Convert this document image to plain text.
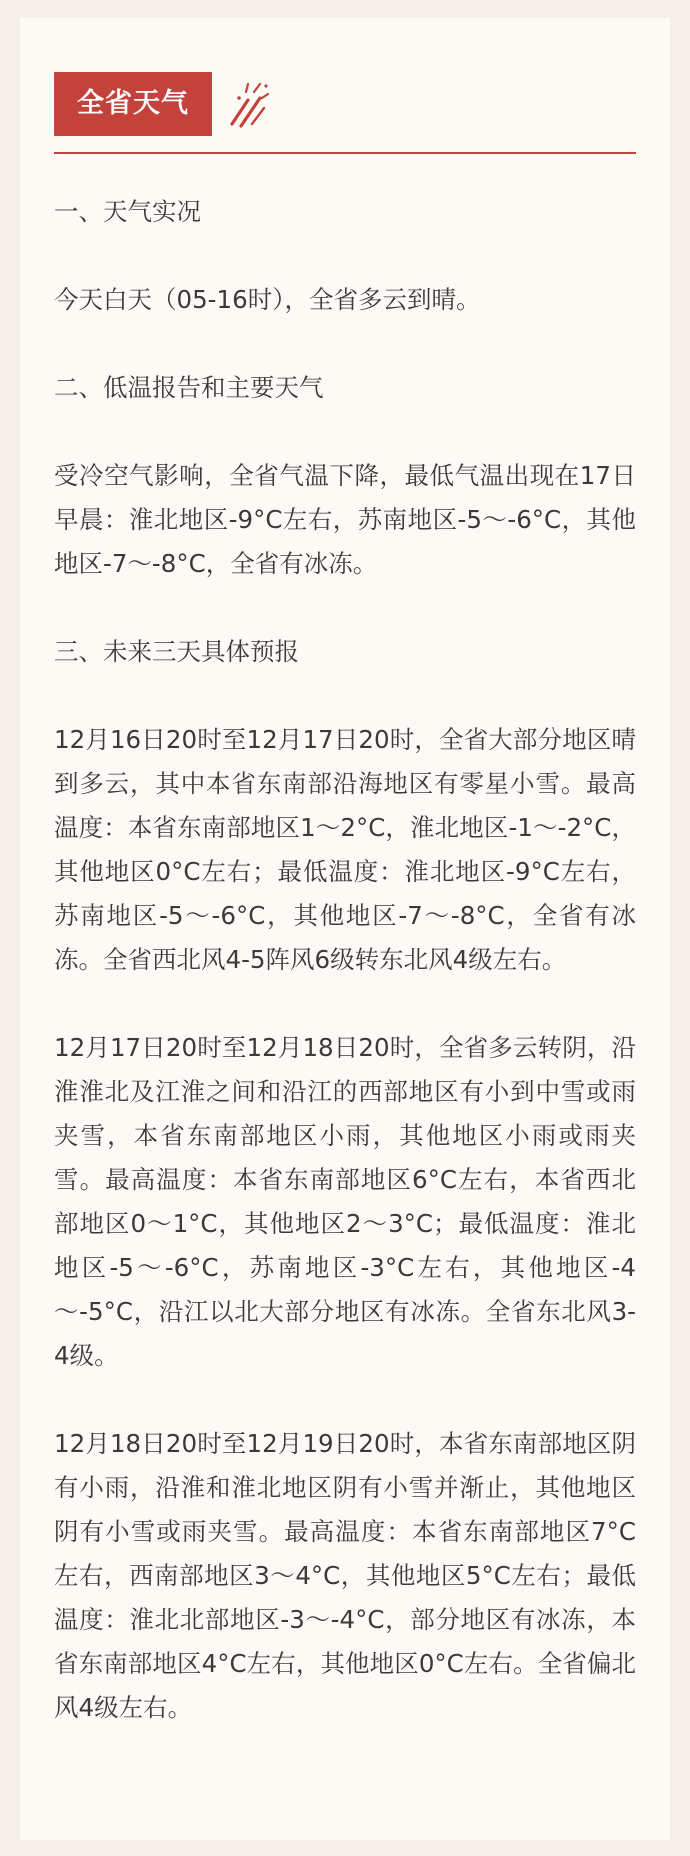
全省天气

一、天气实况

今天白天（05-16时），全省多云到晴。

二、低温报告和主要天气

受冷空气影响，全省气温下降，最低气温出现在17日早晨：淮北地区-9°C左右，苏南地区-5～-6°C，其他地区-7～-8°C，全省有冰冻。

三、未来三天具体预报

12月16日20时至12月17日20时，全省大部分地区晴到多云，其中本省东南部沿海地区有零星小雪。最高温度：本省东南部地区1～2°C，淮北地区-1～-2°C，其他地区0°C左右；最低温度：淮北地区-9°C左右，苏南地区-5～-6°C，其他地区-7～-8°C，全省有冰冻。全省西北风4-5阵风6级转东北风4级左右。

12月17日20时至12月18日20时，全省多云转阴，沿淮淮北及江淮之间和沿江的西部地区有小到中雪或雨夹雪，本省东南部地区小雨，其他地区小雨或雨夹雪。最高温度：本省东南部地区6°C左右，本省西北部地区0～1°C，其他地区2～3°C；最低温度：淮北地区-5～-6°C，苏南地区-3°C左右，其他地区-4～-5°C，沿江以北大部分地区有冰冻。全省东北风3-4级。

12月18日20时至12月19日20时，本省东南部地区阴有小雨，沿淮和淮北地区阴有小雪并渐止，其他地区阴有小雪或雨夹雪。最高温度：本省东南部地区7°C左右，西南部地区3～4°C，其他地区5°C左右；最低温度：淮北北部地区-3～-4°C，部分地区有冰冻，本省东南部地区4°C左右，其他地区0°C左右。全省偏北风4级左右。
